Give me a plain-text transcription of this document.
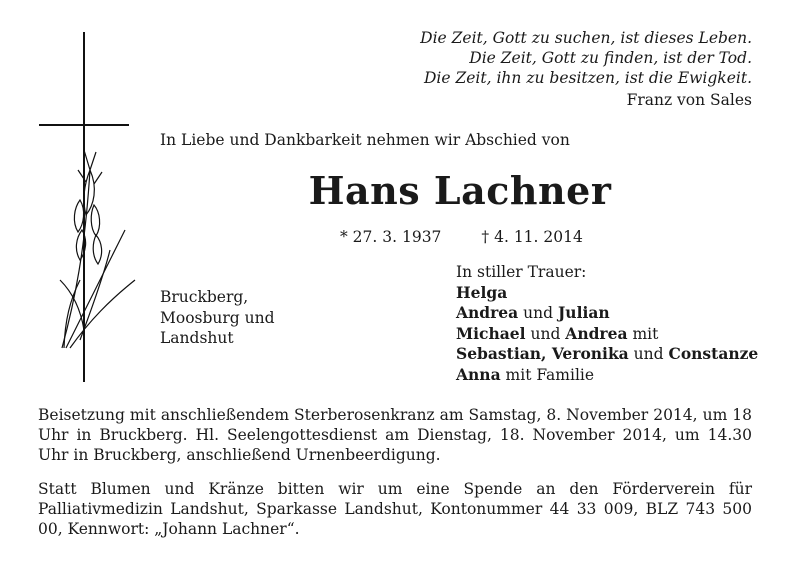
Die Zeit, Gott zu suchen, ist dieses Leben.
Die Zeit, Gott zu finden, ist der Tod.
Die Zeit, ihn zu besitzen, ist die Ewigkeit.
Franz von Sales
In Liebe und Dankbarkeit nehmen wir Abschied von
Hans Lachner
* 27. 3. 1937	† 4. 11. 2014
Bruckberg,
Moosburg und
Landshut
In stiller Trauer:
Helga
Andrea und Julian
Michael und Andrea mit
Sebastian, Veronika und Constanze
Anna mit Familie
Beisetzung mit anschließendem Sterberosenkranz am Samstag, 8. November 2014, um 18 Uhr in Bruckberg. Hl. Seelengottesdienst am Dienstag, 18. November 2014, um 14.30 Uhr in Bruckberg, anschließend Urnenbeerdigung.
Statt Blumen und Kränze bitten wir um eine Spende an den Förderverein für Palliativmedizin Landshut, Sparkasse Landshut, Kontonummer 44 33 009, BLZ 743 500 00, Kennwort: „Johann Lachner“.
